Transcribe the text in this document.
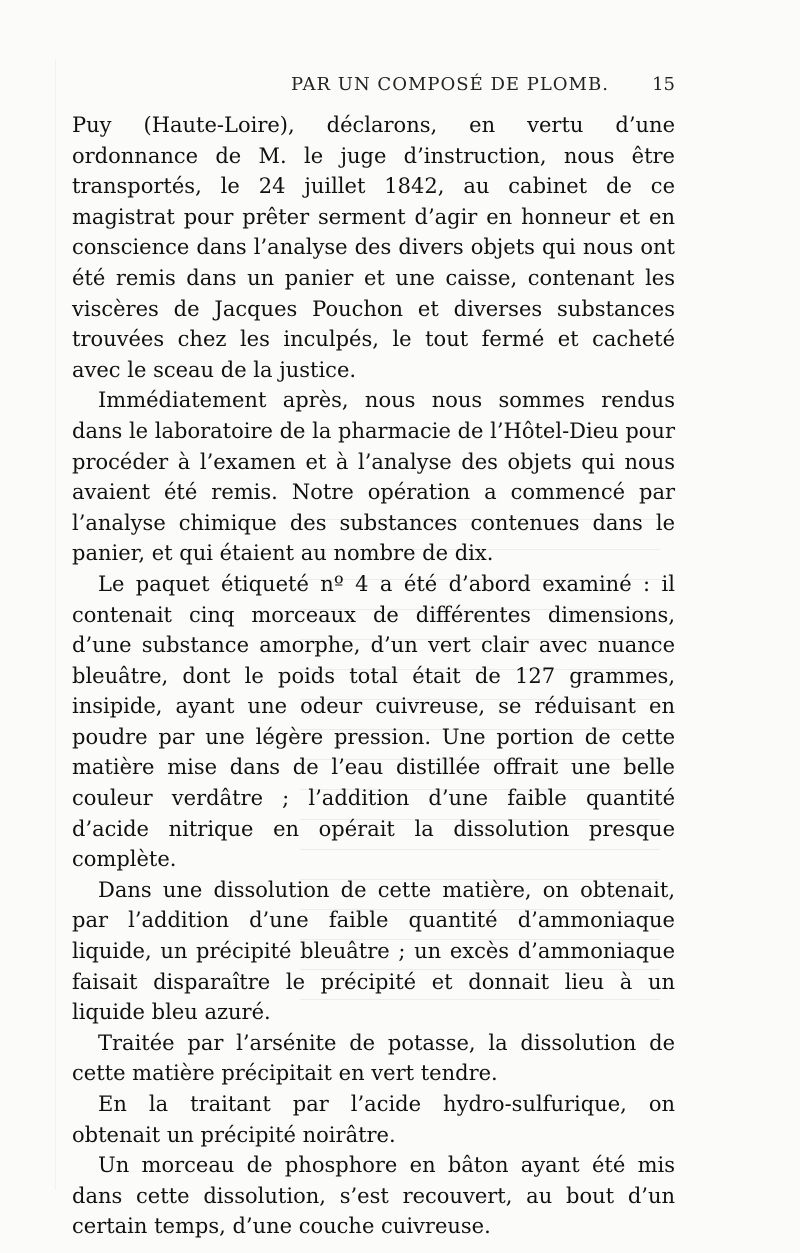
PAR UN COMPOSÉ DE PLOMB.	15

Puy (Haute-Loire), déclarons, en vertu d’une ordonnance de M. le juge d’instruction, nous être transportés, le 24 juillet 1842, au cabinet de ce magistrat pour prêter serment d’agir en honneur et en conscience dans l’analyse des divers objets qui nous ont été remis dans un panier et une caisse, contenant les viscères de Jacques Pouchon et diverses substances trouvées chez les inculpés, le tout fermé et cacheté avec le sceau de la justice.

Immédiatement après, nous nous sommes rendus dans le laboratoire de la pharmacie de l’Hôtel-Dieu pour procéder à l’examen et à l’analyse des objets qui nous avaient été remis. Notre opération a commencé par l’analyse chimique des substances contenues dans le panier, et qui étaient au nombre de dix.

Le paquet étiqueté nº 4 a été d’abord examiné : il contenait cinq morceaux de différentes dimensions, d’une substance amorphe, d’un vert clair avec nuance bleuâtre, dont le poids total était de 127 grammes, insipide, ayant une odeur cuivreuse, se réduisant en poudre par une légère pression. Une portion de cette matière mise dans de l’eau distillée offrait une belle couleur verdâtre ; l’addition d’une faible quantité d’acide nitrique en opérait la dissolution presque complète.

Dans une dissolution de cette matière, on obtenait, par l’addition d’une faible quantité d’ammoniaque liquide, un précipité bleuâtre ; un excès d’ammoniaque faisait disparaître le précipité et donnait lieu à un liquide bleu azuré.

Traitée par l’arsénite de potasse, la dissolution de cette matière précipitait en vert tendre.

En la traitant par l’acide hydro-sulfurique, on obtenait un précipité noirâtre.

Un morceau de phosphore en bâton ayant été mis dans cette dissolution, s’est recouvert, au bout d’un certain temps, d’une couche cuivreuse.
